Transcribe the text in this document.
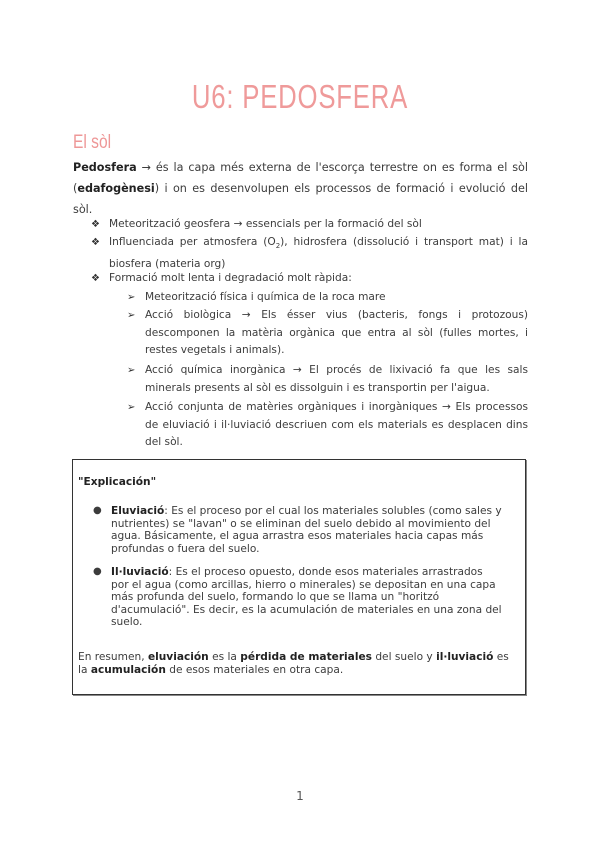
U6: PEDOSFERA
El sòl
Pedosfera → és la capa més externa de l'escorça terrestre on es forma el sòl (edafogènesi) i on es desenvolupen els processos de formació i evolució del sòl.
❖ Meteorització geosfera → essencials per la formació del sòl
❖ Influenciada per atmosfera $(O_2)$, hidrosfera (dissolució i transport mat) i la biosfera (materia org)
❖ Formació molt lenta i degradació molt ràpida:
➢ Meteorització física i química de la roca mare
➢ Acció biològica → Els ésser vius (bacteris, fongs i protozous) descomponen la matèria orgànica que entra al sòl (fulles mortes, i restes vegetals i animals).
➢ Acció química inorgànica → El procés de lixivació fa que les sals minerals presents al sòl es dissolguin i es transportin per l'aigua.
➢ Acció conjunta de matèries orgàniques i inorgàniques → Els processos de eluviació i il·luviació descriuen com els materials es desplacen dins del sòl.
"Explicación"
● Eluviació: Es el proceso por el cual los materiales solubles (como sales y nutrientes) se "lavan" o se eliminan del suelo debido al movimiento del agua. Básicamente, el agua arrastra esos materiales hacia capas más profundas o fuera del suelo.
● Il·luviació: Es el proceso opuesto, donde esos materiales arrastrados por el agua (como arcillas, hierro o minerales) se depositan en una capa más profunda del suelo, formando lo que se llama un "horitzó d'acumulació". Es decir, es la acumulación de materiales en una zona del suelo.
En resumen, eluviación es la pérdida de materiales del suelo y il·luviació es la acumulación de esos materiales en otra capa.
1
